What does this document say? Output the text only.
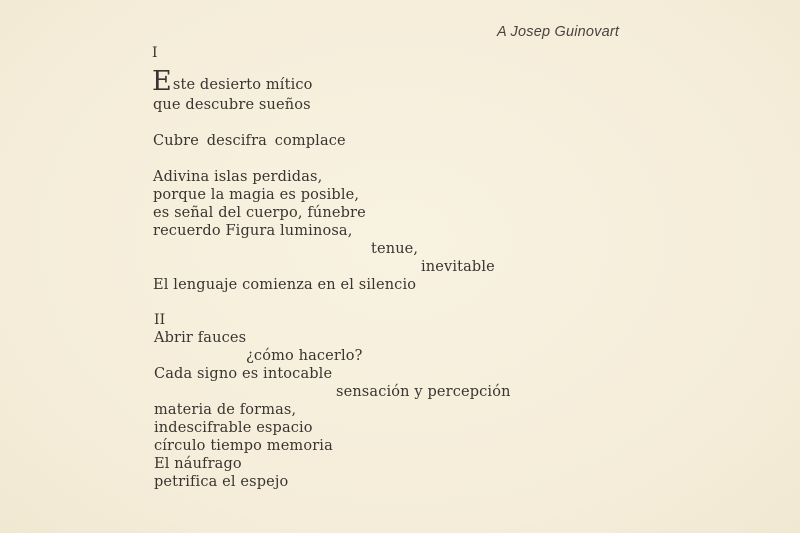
A Josep Guinovart
I
Este desierto mítico
que descubre sueños
Cubre descifra complace
Adivina islas perdidas,
porque la magia es posible,
es señal del cuerpo, fúnebre
recuerdo Figura luminosa,
tenue,
inevitable
El lenguaje comienza en el silencio
II
Abrir fauces
¿cómo hacerlo?
Cada signo es intocable
sensación y percepción
materia de formas,
indescifrable espacio
círculo tiempo memoria
El náufrago
petrifica el espejo
